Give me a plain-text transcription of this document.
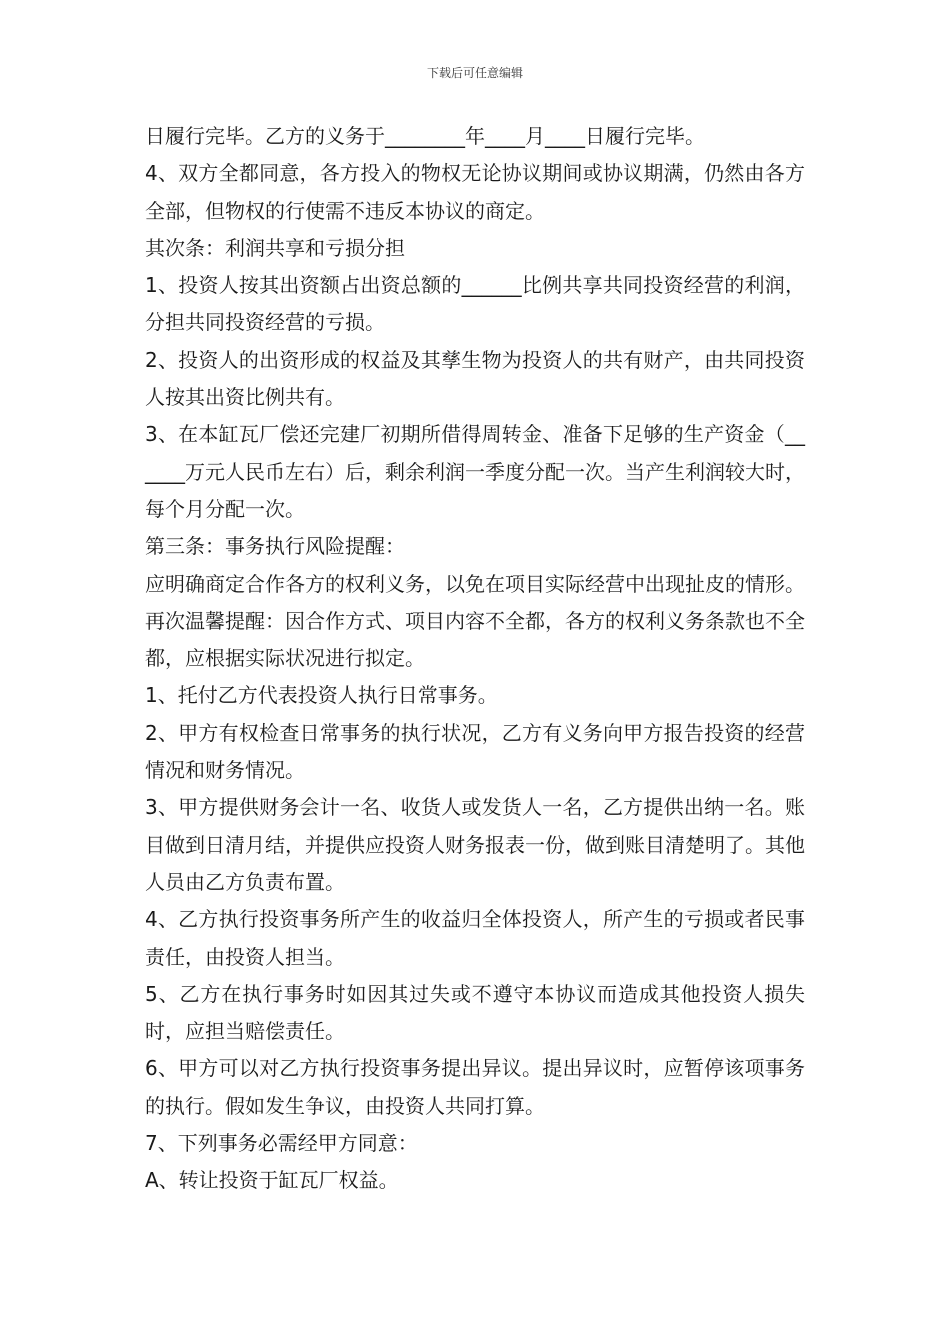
下载后可任意编辑

日履行完毕。乙方的义务于________年____月____日履行完毕。

4、双方全都同意，各方投入的物权无论协议期间或协议期满，仍然由各方全部，但物权的行使需不违反本协议的商定。

其次条：利润共享和亏损分担

1、投资人按其出资额占出资总额的______比例共享共同投资经营的利润，分担共同投资经营的亏损。

2、投资人的出资形成的权益及其孳生物为投资人的共有财产，由共同投资人按其出资比例共有。

3、在本缸瓦厂偿还完建厂初期所借得周转金、准备下足够的生产资金（______万元人民币左右）后，剩余利润一季度分配一次。当产生利润较大时，每个月分配一次。

第三条：事务执行风险提醒：

应明确商定合作各方的权利义务，以免在项目实际经营中出现扯皮的情形。

再次温馨提醒：因合作方式、项目内容不全都，各方的权利义务条款也不全都，应根据实际状况进行拟定。

1、托付乙方代表投资人执行日常事务。

2、甲方有权检查日常事务的执行状况，乙方有义务向甲方报告投资的经营情况和财务情况。

3、甲方提供财务会计一名、收货人或发货人一名，乙方提供出纳一名。账目做到日清月结，并提供应投资人财务报表一份，做到账目清楚明了。其他人员由乙方负责布置。

4、乙方执行投资事务所产生的收益归全体投资人，所产生的亏损或者民事责任，由投资人担当。

5、乙方在执行事务时如因其过失或不遵守本协议而造成其他投资人损失时，应担当赔偿责任。

6、甲方可以对乙方执行投资事务提出异议。提出异议时，应暂停该项事务的执行。假如发生争议，由投资人共同打算。

7、下列事务必需经甲方同意：

A、转让投资于缸瓦厂权益。
